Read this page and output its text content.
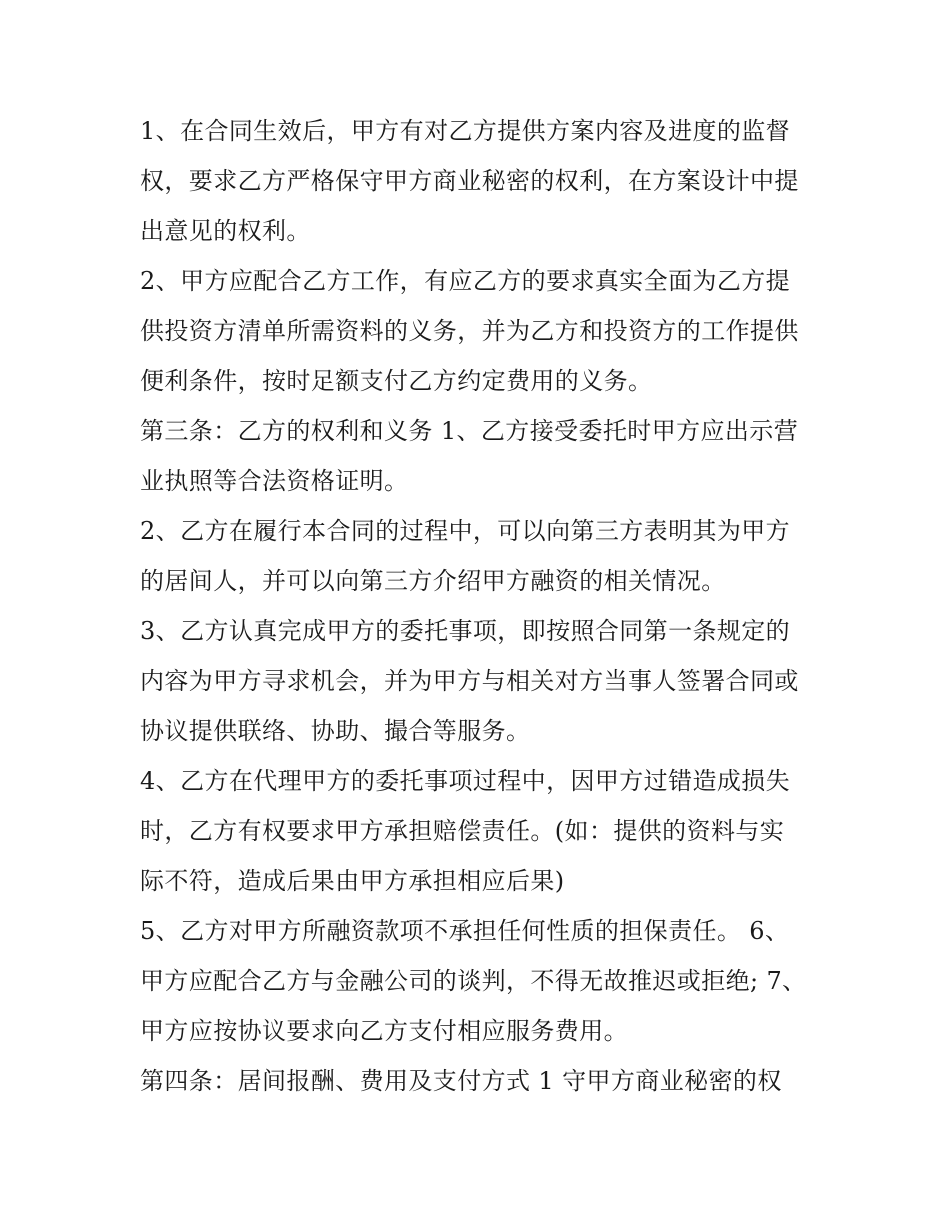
1、在合同生效后，甲方有对乙方提供方案内容及进度的监督
权，要求乙方严格保守甲方商业秘密的权利，在方案设计中提
出意见的权利。
2、甲方应配合乙方工作，有应乙方的要求真实全面为乙方提
供投资方清单所需资料的义务，并为乙方和投资方的工作提供
便利条件，按时足额支付乙方约定费用的义务。
第三条：乙方的权利和义务 1、乙方接受委托时甲方应出示营
业执照等合法资格证明。
2、乙方在履行本合同的过程中，可以向第三方表明其为甲方
的居间人，并可以向第三方介绍甲方融资的相关情况。
3、乙方认真完成甲方的委托事项，即按照合同第一条规定的
内容为甲方寻求机会，并为甲方与相关对方当事人签署合同或
协议提供联络、协助、撮合等服务。
4、乙方在代理甲方的委托事项过程中，因甲方过错造成损失
时，乙方有权要求甲方承担赔偿责任。(如：提供的资料与实
际不符，造成后果由甲方承担相应后果)
5、乙方对甲方所融资款项不承担任何性质的担保责任。 6、
甲方应配合乙方与金融公司的谈判，不得无故推迟或拒绝; 7、
甲方应按协议要求向乙方支付相应服务费用。
第四条：居间报酬、费用及支付方式 1 守甲方商业秘密的权
